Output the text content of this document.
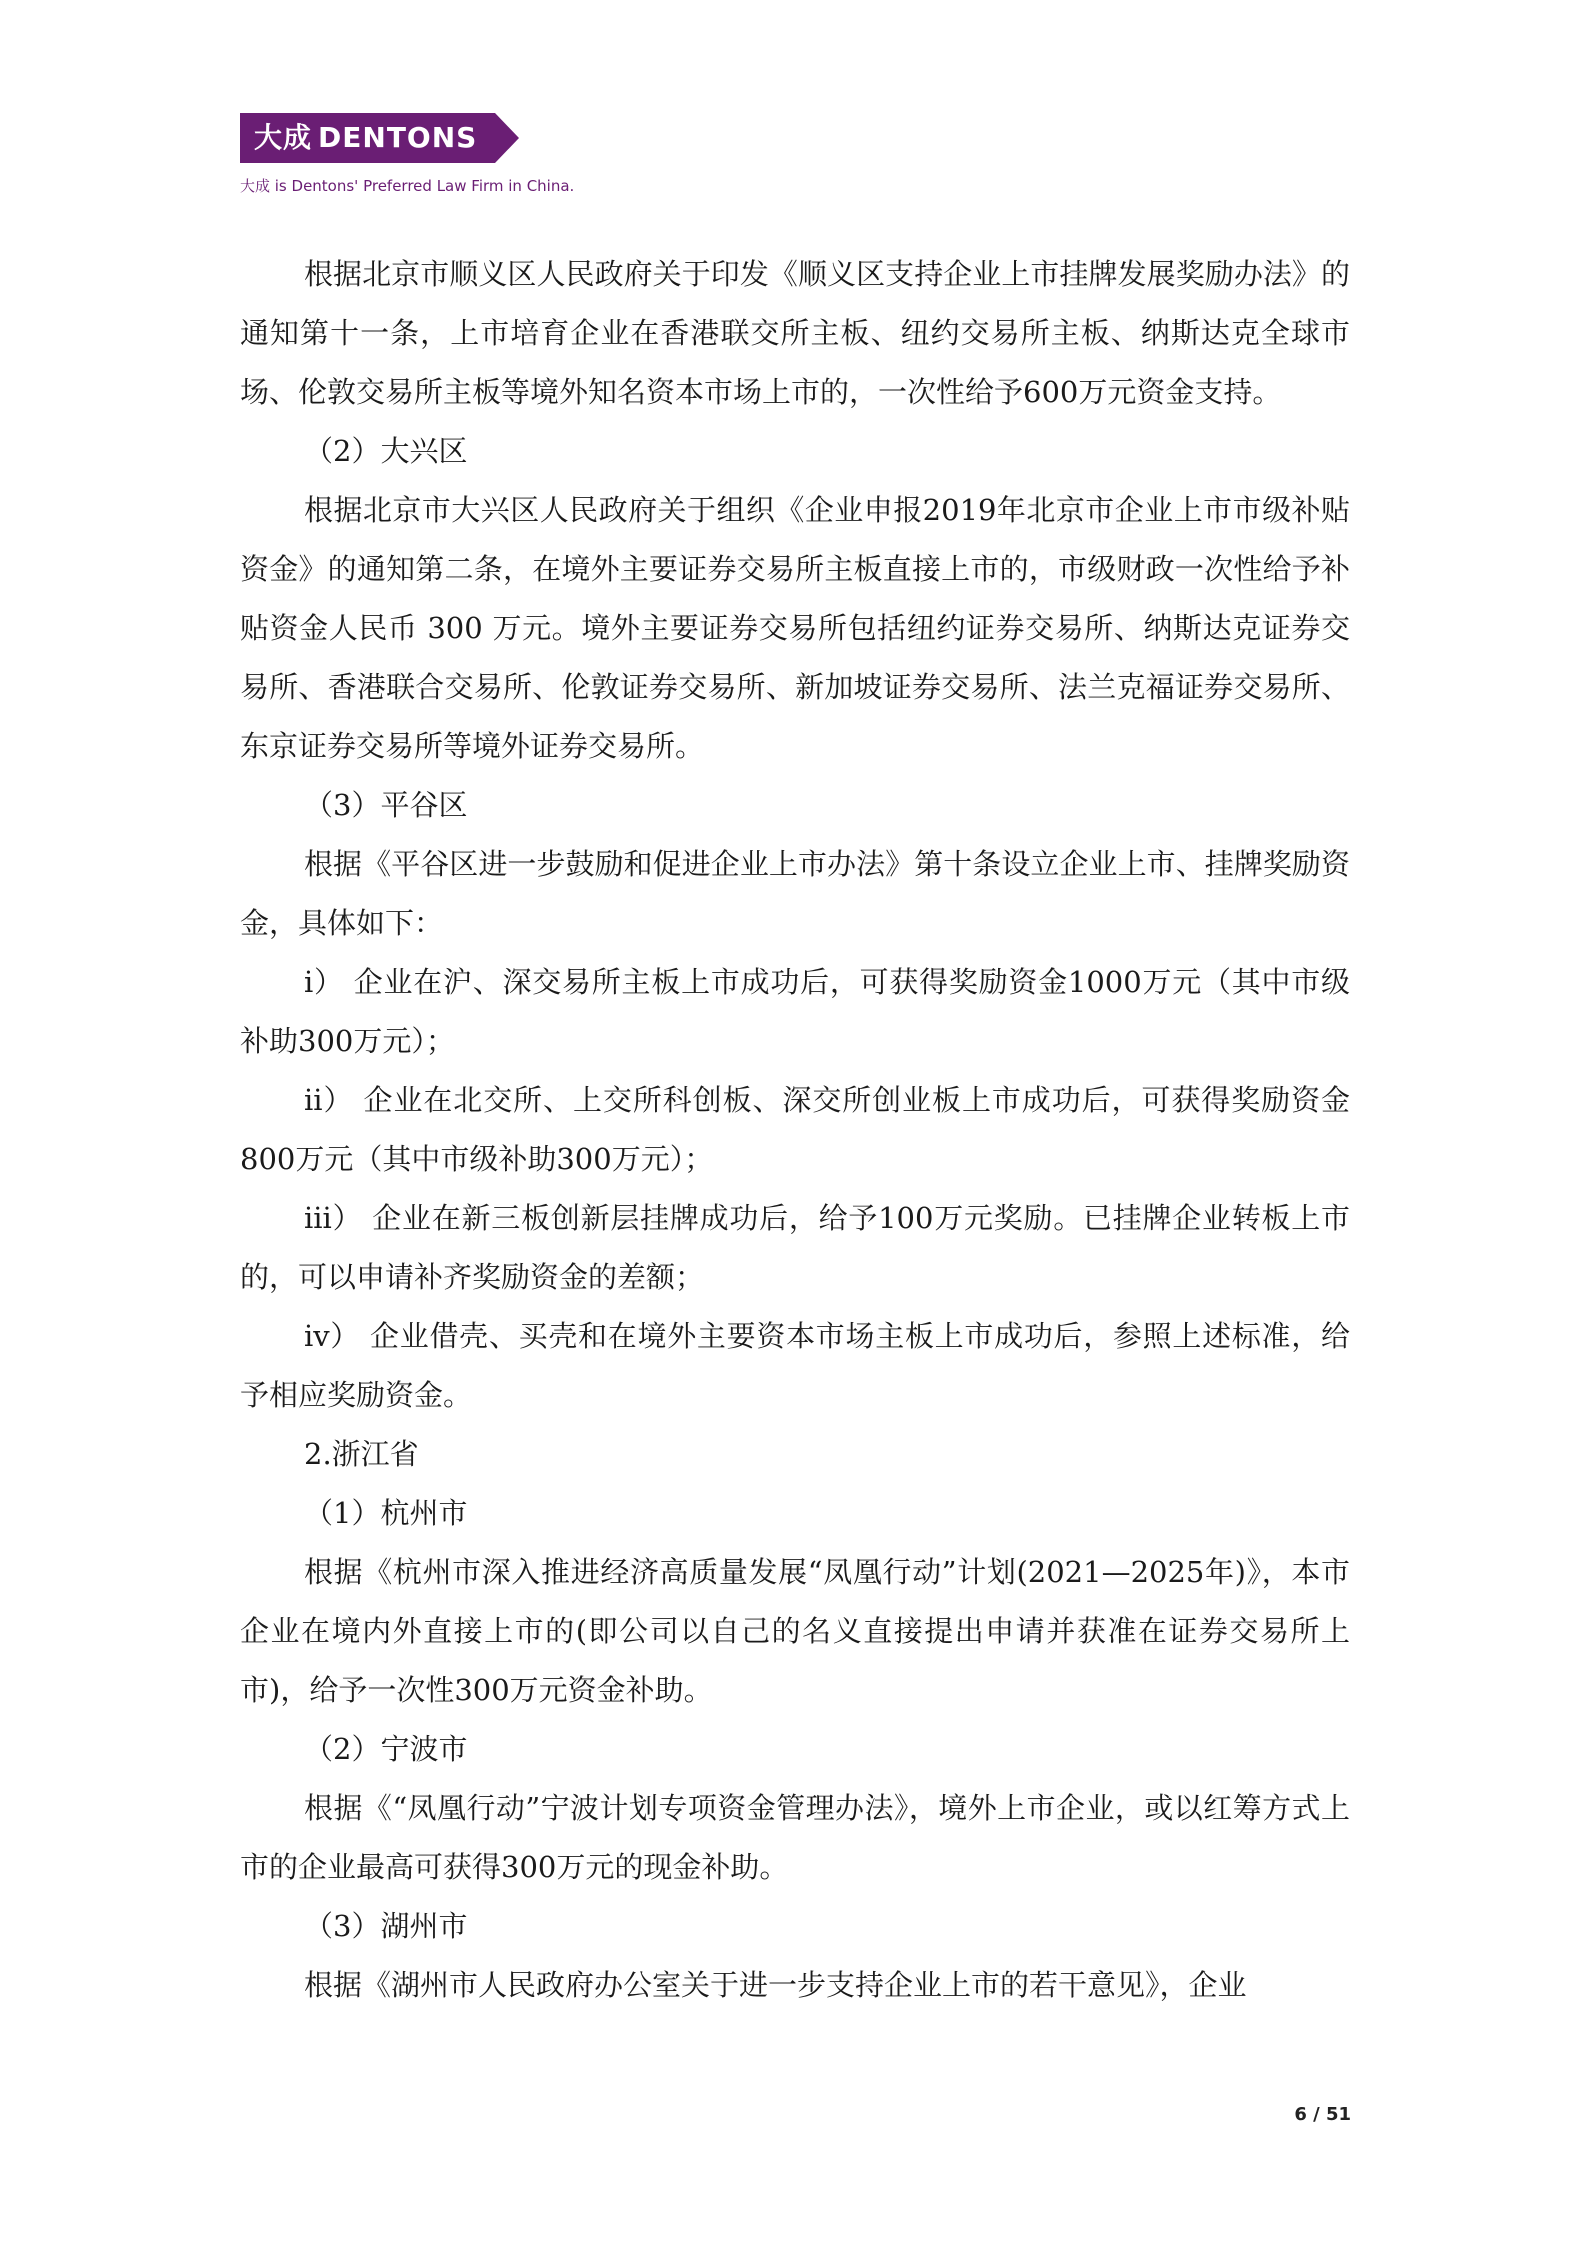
大成 DENTONS
大成 is Dentons' Preferred Law Firm in China.

根据北京市顺义区人民政府关于印发《顺义区支持企业上市挂牌发展奖励办法》的通知第十一条，上市培育企业在香港联交所主板、纽约交易所主板、纳斯达克全球市场、伦敦交易所主板等境外知名资本市场上市的，一次性给予600万元资金支持。

（2）大兴区

根据北京市大兴区人民政府关于组织《企业申报2019年北京市企业上市市级补贴资金》的通知第二条，在境外主要证券交易所主板直接上市的，市级财政一次性给予补贴资金人民币 300 万元。境外主要证券交易所包括纽约证券交易所、纳斯达克证券交易所、香港联合交易所、伦敦证券交易所、新加坡证券交易所、法兰克福证券交易所、东京证券交易所等境外证券交易所。

（3）平谷区

根据《平谷区进一步鼓励和促进企业上市办法》第十条设立企业上市、挂牌奖励资金，具体如下：

i） 企业在沪、深交易所主板上市成功后，可获得奖励资金1000万元（其中市级补助300万元）；

ii） 企业在北交所、上交所科创板、深交所创业板上市成功后，可获得奖励资金800万元（其中市级补助300万元）；

iii） 企业在新三板创新层挂牌成功后，给予100万元奖励。已挂牌企业转板上市的，可以申请补齐奖励资金的差额；

iv） 企业借壳、买壳和在境外主要资本市场主板上市成功后，参照上述标准，给予相应奖励资金。

2.浙江省

（1）杭州市

根据《杭州市深入推进经济高质量发展“凤凰行动”计划(2021—2025年)》，本市企业在境内外直接上市的(即公司以自己的名义直接提出申请并获准在证券交易所上市)，给予一次性300万元资金补助。

（2）宁波市

根据《“凤凰行动”宁波计划专项资金管理办法》，境外上市企业，或以红筹方式上市的企业最高可获得300万元的现金补助。

（3）湖州市

根据《湖州市人民政府办公室关于进一步支持企业上市的若干意见》，企业

6 / 51
